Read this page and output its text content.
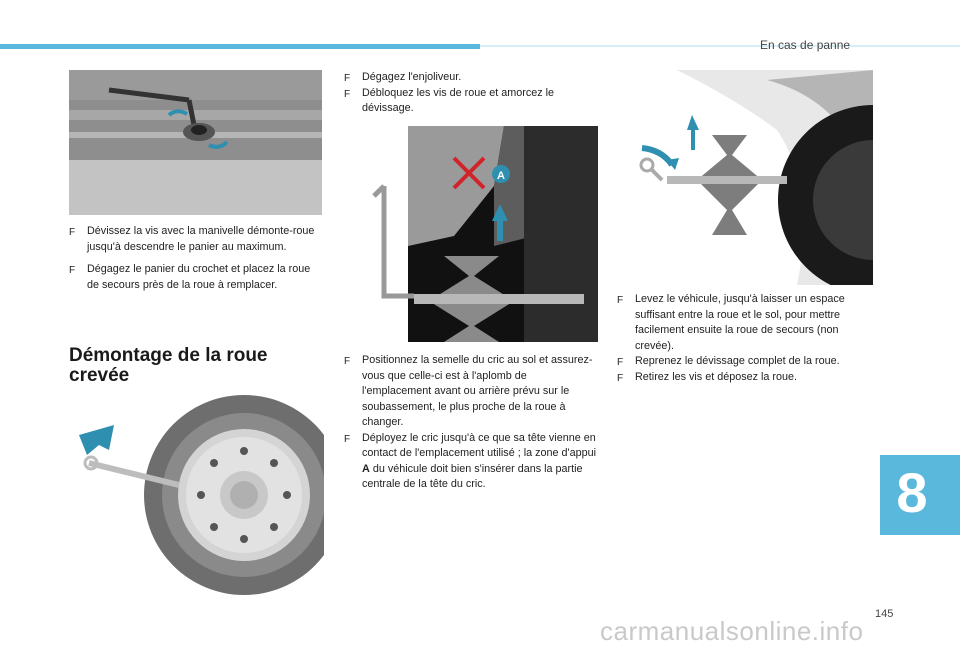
En cas de panne
F Dévissez la vis avec la manivelle démonte-roue jusqu'à descendre le panier au maximum.
F Dégagez le panier du crochet et placez la roue de secours près de la roue à remplacer.
Démontage de la roue
crevée
F Dégagez l'enjoliveur.
F Débloquez les vis de roue et amorcez le dévissage.
A
F Positionnez la semelle du cric au sol et assurez-vous que celle-ci est à l'aplomb de l'emplacement avant ou arrière prévu sur le soubassement, le plus proche de la roue à changer.
F Déployez le cric jusqu'à ce que sa tête vienne en contact de l'emplacement utilisé ; la zone d'appui A du véhicule doit bien s'insérer dans la partie centrale de la tête du cric.
F Levez le véhicule, jusqu'à laisser un espace suffisant entre la roue et le sol, pour mettre facilement ensuite la roue de secours (non crevée).
F Reprenez le dévissage complet de la roue.
F Retirez les vis et déposez la roue.
8
145
carmanualsonline.info
